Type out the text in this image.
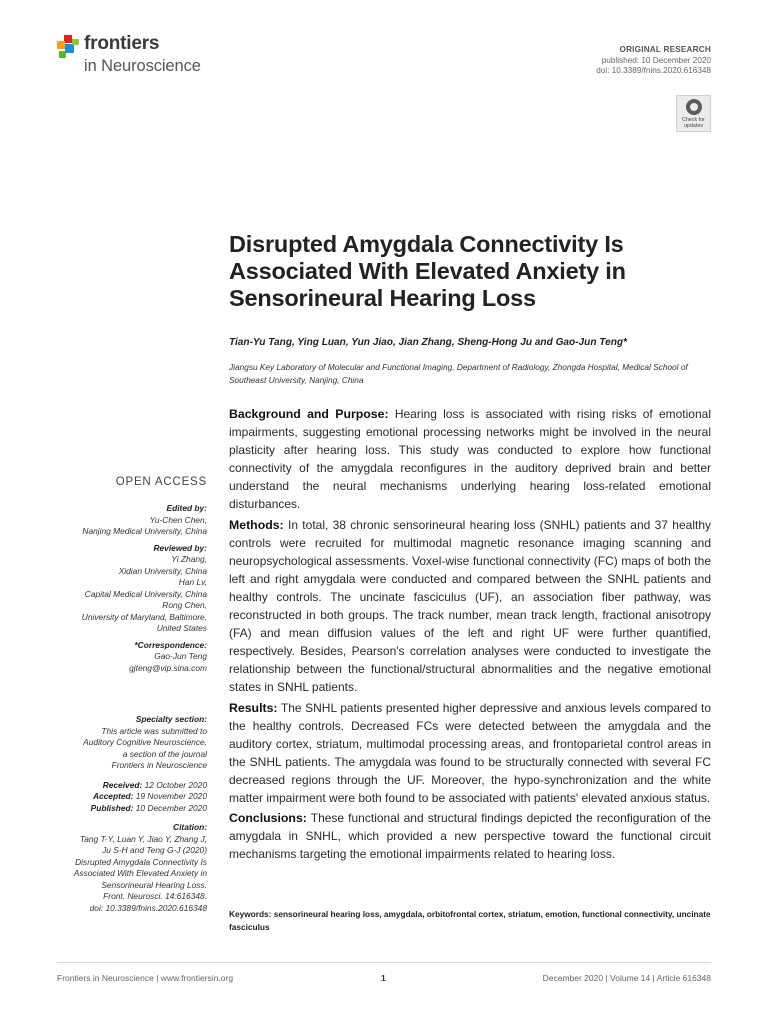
frontiers
in Neuroscience
ORIGINAL RESEARCH
published: 10 December 2020
doi: 10.3389/fnins.2020.616348
Check for
updates
Disrupted Amygdala Connectivity Is Associated With Elevated Anxiety in Sensorineural Hearing Loss
Tian-Yu Tang, Ying Luan, Yun Jiao, Jian Zhang, Sheng-Hong Ju and Gao-Jun Teng*
Jiangsu Key Laboratory of Molecular and Functional Imaging, Department of Radiology, Zhongda Hospital, Medical School of Southeast University, Nanjing, China

Background and Purpose: Hearing loss is associated with rising risks of emotional impairments, suggesting emotional processing networks might be involved in the neural plasticity after hearing loss. This study was conducted to explore how functional connectivity of the amygdala reconfigures in the auditory deprived brain and better understand the neural mechanisms underlying hearing loss-related emotional disturbances.

Methods: In total, 38 chronic sensorineural hearing loss (SNHL) patients and 37 healthy controls were recruited for multimodal magnetic resonance imaging scanning and neuropsychological assessments. Voxel-wise functional connectivity (FC) maps of both the left and right amygdala were conducted and compared between the SNHL patients and healthy controls. The uncinate fasciculus (UF), an association fiber pathway, was reconstructed in both groups. The track number, mean track length, fractional anisotropy (FA) and mean diffusion values of the left and right UF were further quantified, respectively. Besides, Pearson's correlation analyses were conducted to investigate the relationship between the functional/structural abnormalities and the negative emotional states in SNHL patients.

Results: The SNHL patients presented higher depressive and anxious levels compared to the healthy controls. Decreased FCs were detected between the amygdala and the auditory cortex, striatum, multimodal processing areas, and frontoparietal control areas in the SNHL patients. The amygdala was found to be structurally connected with several FC decreased regions through the UF. Moreover, the hypo-synchronization and the white matter impairment were both found to be associated with patients' elevated anxious status.

Conclusions: These functional and structural findings depicted the reconfiguration of the amygdala in SNHL, which provided a new perspective toward the functional circuit mechanisms targeting the emotional impairments related to hearing loss.

Keywords: sensorineural hearing loss, amygdala, orbitofrontal cortex, striatum, emotion, functional connectivity, uncinate fasciculus
OPEN ACCESS
Edited by:
Yu-Chen Chen,
Nanjing Medical University, China
Reviewed by:
Yi Zhang,
Xidian University, China
Han Lv,
Capital Medical University, China
Rong Chen,
University of Maryland, Baltimore,
United States
*Correspondence:
Gao-Jun Teng
gjteng@vip.sina.com
Specialty section:
This article was submitted to
Auditory Cognitive Neuroscience,
a section of the journal
Frontiers in Neuroscience
Received: 12 October 2020
Accepted: 19 November 2020
Published: 10 December 2020
Citation:
Tang T-Y, Luan Y, Jiao Y, Zhang J,
Ju S-H and Teng G-J (2020)
Disrupted Amygdala Connectivity Is
Associated With Elevated Anxiety in
Sensorineural Hearing Loss.
Front. Neurosci. 14:616348.
doi: 10.3389/fnins.2020.616348
Frontiers in Neuroscience | www.frontiersin.org	1	December 2020 | Volume 14 | Article 616348
